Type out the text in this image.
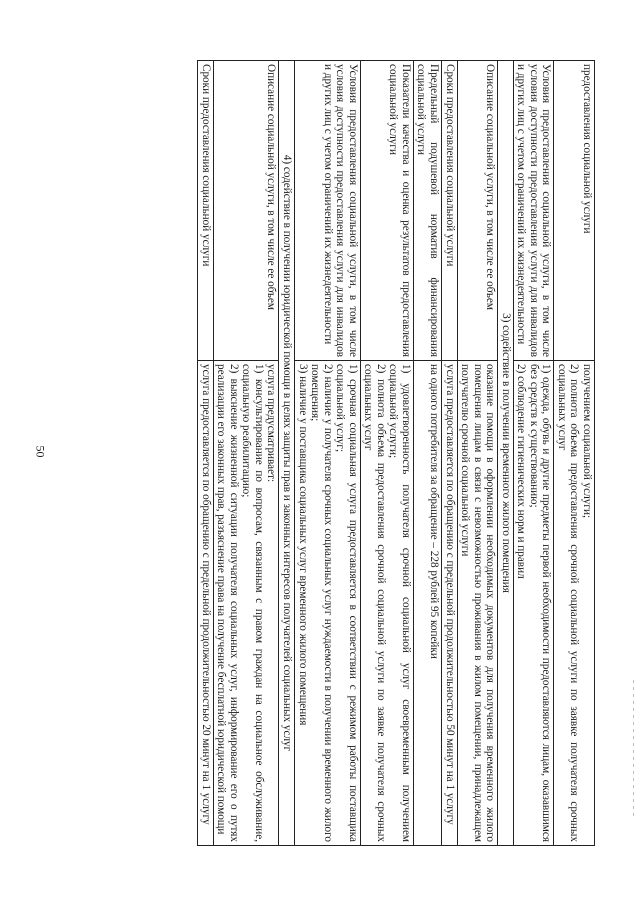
50
предоставления социальной услуги	получением социальной услуги;
2) полнота объема предоставления срочной социальной услуги по заявке получателя срочных социальных услуг

Условия предоставления социальной услуги, в том числе условия доступности предоставления услуги для инвалидов и других лиц с учетом ограничений их жизнедеятельности	1) одежда, обувь и другие предметы первой необходимости предоставляются лицам, оказавшимся без средств к существованию;
2) соблюдение гигиенических норм и правил

3) содействие в получении временного жилого помещения	
Описание социальной услуги, в том числе ее объем	оказание помощи в оформлении необходимых документов для получения временного жилого помещения лицам в связи с невозможностью проживания в жилом помещении, принадлежащем получателю срочной социальной услуги

Сроки предоставления социальной услуги	услуга предоставляется по обращению с предельной продолжительностью 50 минут на 1 услугу

Предельный подушевой норматив финансирования социальной услуги	на одного потребителя за обращение – 228 рублей 95 копейки

Показатели качества и оценка результатов предоставления социальной услуги	1) удовлетворенность получателя срочной социальной услуг своевременным получением социальной услуги;
2) полнота объема предоставления срочной социальной услуги по заявке получателя срочных социальных услуг

Условия предоставления социальной услуги, в том числе условия доступности предоставления услуги для инвалидов и других лиц с учетом ограничений их жизнедеятельности	1) срочная социальная услуга предоставляется в соответствии с режимом работы поставщика социальной услуг;
2) наличие у получателя срочных социальных услуг нуждаемости в получении временного жилого помещения;
3) наличие у поставщика социальных услуг временного жилого помещения

4) содействие в получении юридической помощи в целях защиты прав и законных интересов получателей социальных услуг	
Описание социальной услуги, в том числе ее объем	услуга предусматривает:
1) консультирование по вопросам, связанным с правом граждан на социальное обслуживание, социальную реабилитацию;
2) выяснение жизненной ситуации получателя социальных услуг, информирование его о путях реализации его законных прав, разъяснение права на получение бесплатной юридической помощи

Сроки предоставления социальной услуги	услуга предоставляется по обращению с предельной продолжительностью 20 минут на 1 услугу
